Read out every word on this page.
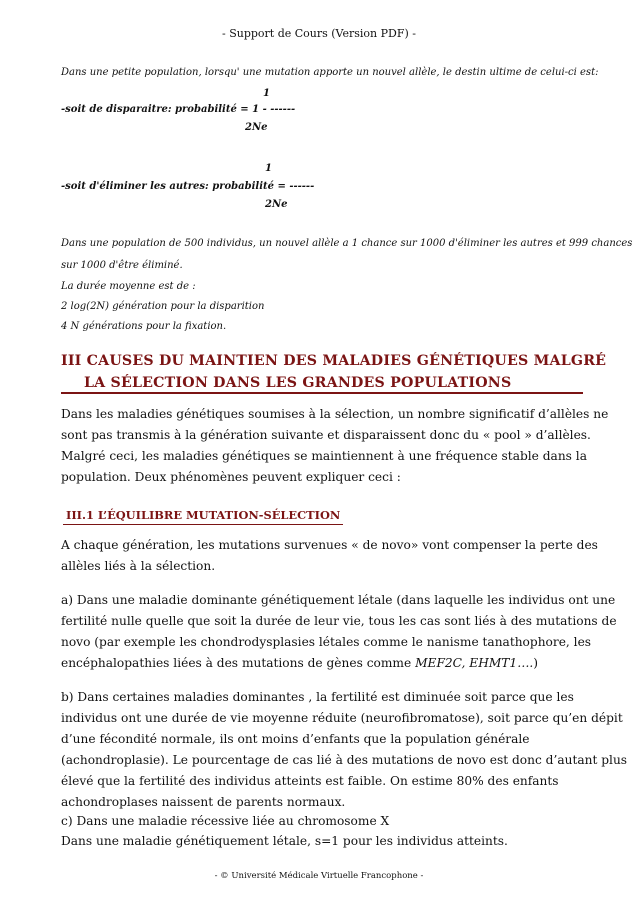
- Support de Cours (Version PDF) -
Dans une petite population, lorsqu' une mutation apporte un nouvel allèle, le destin ultime de celui-ci est:
1
-soit de disparaitre: probabilité = 1 - ------
2Ne
1
-soit d'éliminer les autres: probabilité = ------
2Ne
Dans une population de 500 individus, un nouvel allèle a 1 chance sur 1000 d'éliminer les autres et 999 chances
sur 1000 d'être éliminé.
La durée moyenne est de :
2 log(2N) génération pour la disparition
4 N générations pour la fixation.
III CAUSES DU MAINTIEN DES MALADIES GÉNÉTIQUES MALGRÉ
LA SÉLECTION DANS LES GRANDES POPULATIONS
Dans les maladies génétiques soumises à la sélection, un nombre significatif d’allèles ne
sont pas transmis à la génération suivante et disparaissent donc du « pool » d’allèles.
Malgré ceci, les maladies génétiques se maintiennent à une fréquence stable dans la
population. Deux phénomènes peuvent expliquer ceci :
III.1 L’ÉQUILIBRE MUTATION-SÉLECTION
A chaque génération, les mutations survenues « de novo» vont compenser la perte des
allèles liés à la sélection.
a) Dans une maladie dominante génétiquement létale (dans laquelle les individus ont une
fertilité nulle quelle que soit la durée de leur vie, tous les cas sont liés à des mutations de
novo (par exemple les chondrodysplasies létales comme le nanisme tanathophore, les
encéphalopathies liées à des mutations de gènes comme MEF2C, EHMT1….)
b) Dans certaines maladies dominantes , la fertilité est diminuée soit parce que les
individus ont une durée de vie moyenne réduite (neurofibromatose), soit parce qu’en dépit
d’une fécondité normale, ils ont moins d’enfants que la population générale
(achondroplasie). Le pourcentage de cas lié à des mutations de novo est donc d’autant plus
élevé que la fertilité des individus atteints est faible. On estime 80% des enfants
achondroplases naissent de parents normaux.
c) Dans une maladie récessive liée au chromosome X
Dans une maladie génétiquement létale, s=1 pour les individus atteints.
- © Université Médicale Virtuelle Francophone -
